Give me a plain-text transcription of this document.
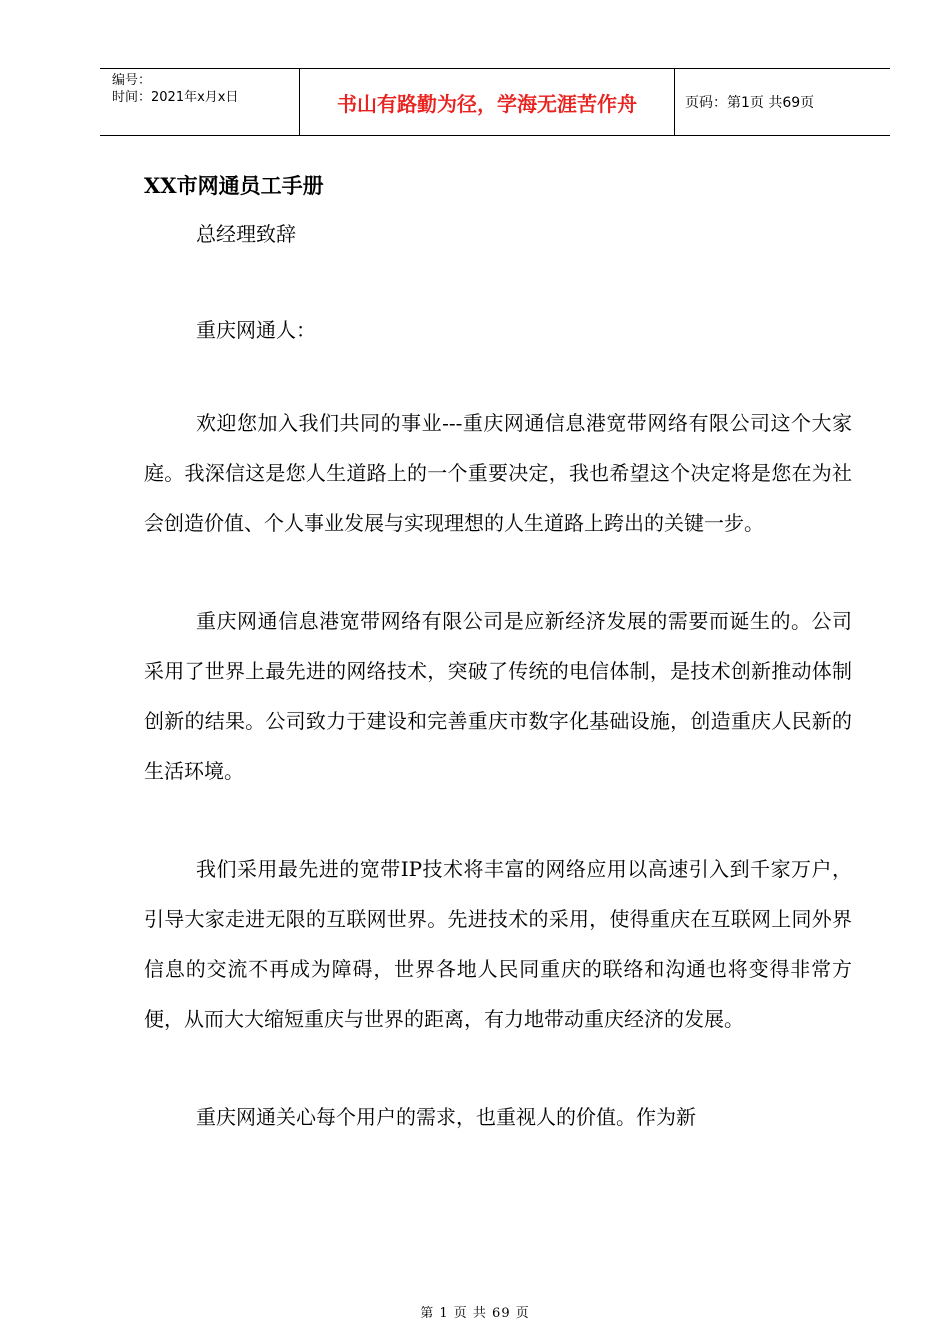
编号：
时间：2021年x月x日	书山有路勤为径，学海无涯苦作舟	页码：第1页 共69页
XX市网通员工手册
总经理致辞
重庆网通人：

欢迎您加入我们共同的事业---重庆网通信息港宽带网络有限公司这个大家庭。我深信这是您人生道路上的一个重要决定，我也希望这个决定将是您在为社会创造价值、个人事业发展与实现理想的人生道路上跨出的关键一步。

重庆网通信息港宽带网络有限公司是应新经济发展的需要而诞生的。公司采用了世界上最先进的网络技术，突破了传统的电信体制，是技术创新推动体制创新的结果。公司致力于建设和完善重庆市数字化基础设施，创造重庆人民新的生活环境。

我们采用最先进的宽带IP技术将丰富的网络应用以高速引入到千家万户，引导大家走进无限的互联网世界。先进技术的采用，使得重庆在互联网上同外界信息的交流不再成为障碍，世界各地人民同重庆的联络和沟通也将变得非常方便，从而大大缩短重庆与世界的距离，有力地带动重庆经济的发展。

重庆网通关心每个用户的需求，也重视人的价值。作为新

第 1 页 共 69 页
